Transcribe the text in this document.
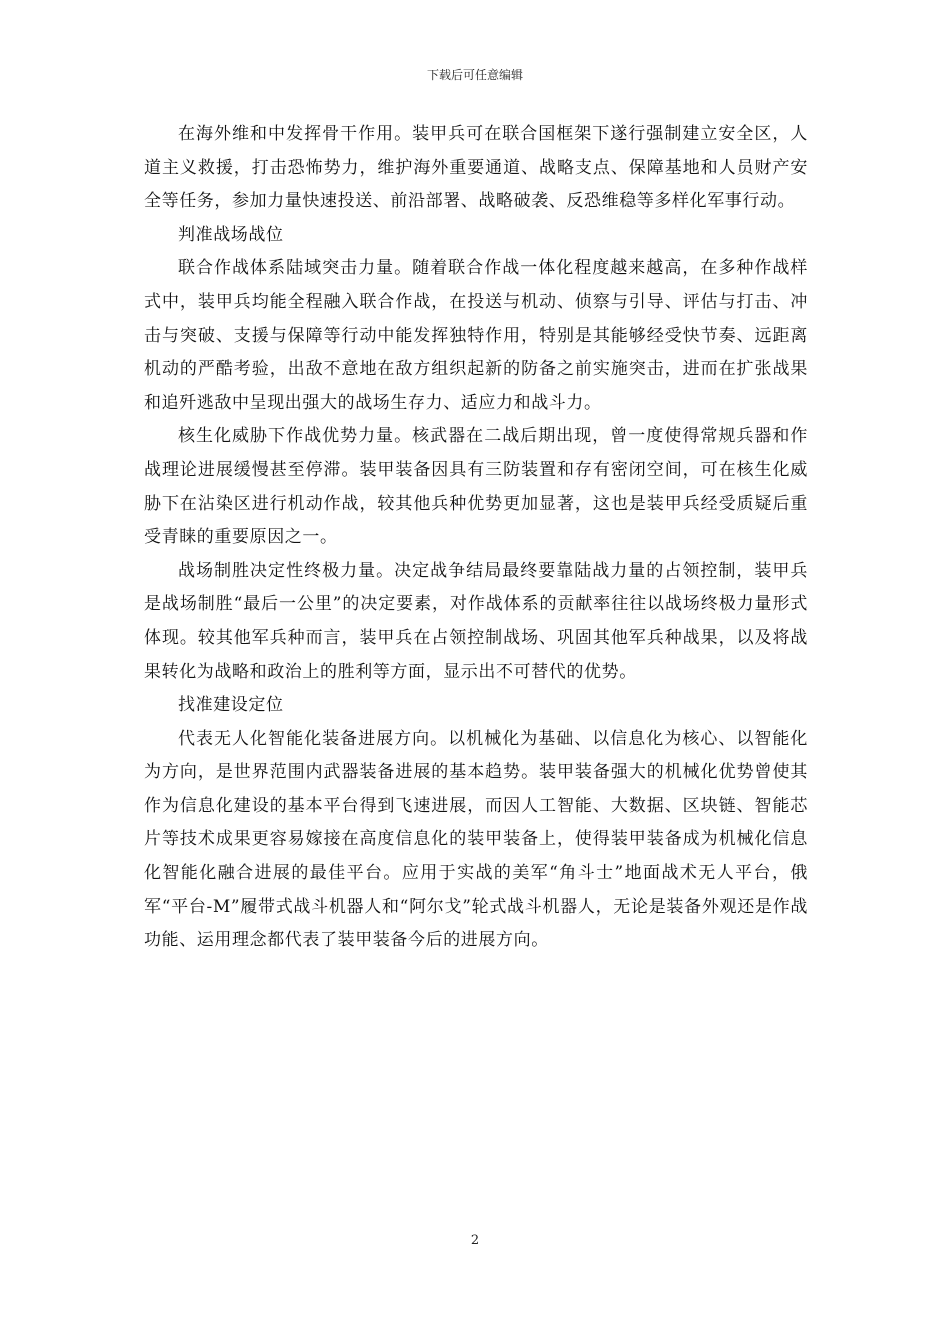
下载后可任意编辑

在海外维和中发挥骨干作用。装甲兵可在联合国框架下遂行强制建立安全区，人道主义救援，打击恐怖势力，维护海外重要通道、战略支点、保障基地和人员财产安全等任务，参加力量快速投送、前沿部署、战略破袭、反恐维稳等多样化军事行动。

判准战场战位

联合作战体系陆域突击力量。随着联合作战一体化程度越来越高，在多种作战样式中，装甲兵均能全程融入联合作战，在投送与机动、侦察与引导、评估与打击、冲击与突破、支援与保障等行动中能发挥独特作用，特别是其能够经受快节奏、远距离机动的严酷考验，出敌不意地在敌方组织起新的防备之前实施突击，进而在扩张战果和追歼逃敌中呈现出强大的战场生存力、适应力和战斗力。

核生化威胁下作战优势力量。核武器在二战后期出现，曾一度使得常规兵器和作战理论进展缓慢甚至停滞。装甲装备因具有三防装置和存有密闭空间，可在核生化威胁下在沾染区进行机动作战，较其他兵种优势更加显著，这也是装甲兵经受质疑后重受青睐的重要原因之一。

战场制胜决定性终极力量。决定战争结局最终要靠陆战力量的占领控制，装甲兵是战场制胜“最后一公里”的决定要素，对作战体系的贡献率往往以战场终极力量形式体现。较其他军兵种而言，装甲兵在占领控制战场、巩固其他军兵种战果，以及将战果转化为战略和政治上的胜利等方面，显示出不可替代的优势。

找准建设定位

代表无人化智能化装备进展方向。以机械化为基础、以信息化为核心、以智能化为方向，是世界范围内武器装备进展的基本趋势。装甲装备强大的机械化优势曾使其作为信息化建设的基本平台得到飞速进展，而因人工智能、大数据、区块链、智能芯片等技术成果更容易嫁接在高度信息化的装甲装备上，使得装甲装备成为机械化信息化智能化融合进展的最佳平台。应用于实战的美军“角斗士”地面战术无人平台，俄军“平台-M”履带式战斗机器人和“阿尔戈”轮式战斗机器人，无论是装备外观还是作战功能、运用理念都代表了装甲装备今后的进展方向。

2
